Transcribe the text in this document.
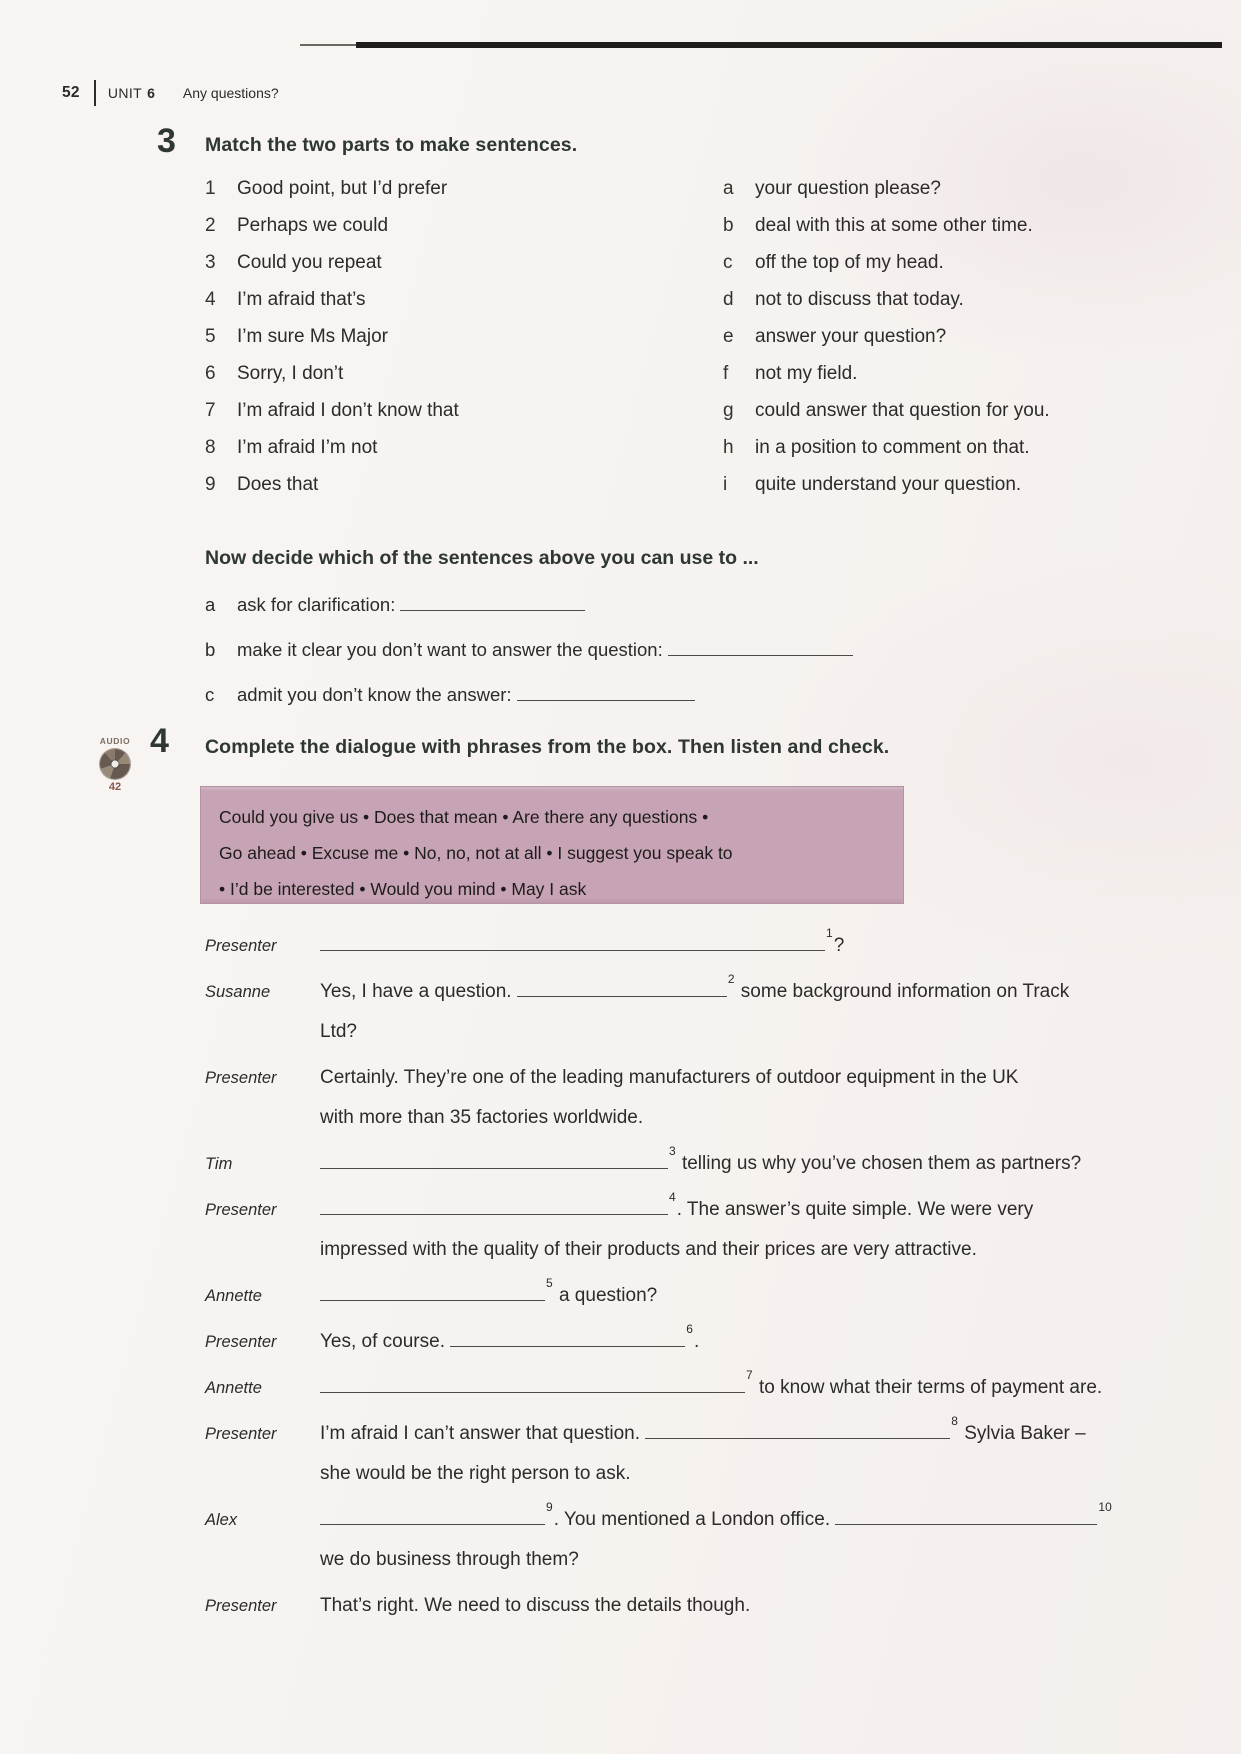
52 UNIT 6 Any questions?
3 Match the two parts to make sentences.
1	Good point, but I’d prefer	a	your question please?
2	Perhaps we could	b	deal with this at some other time.
3	Could you repeat	c	off the top of my head.
4	I’m afraid that’s	d	not to discuss that today.
5	I’m sure Ms Major	e	answer your question?
6	Sorry, I don’t	f	not my field.
7	I’m afraid I don’t know that	g	could answer that question for you.
8	I’m afraid I’m not	h	in a position to comment on that.
9	Does that	i	quite understand your question.
Now decide which of the sentences above you can use to ...
a ask for clarification:
b make it clear you don’t want to answer the question:
c admit you don’t know the answer:
AUDIO
42
4 Complete the dialogue with phrases from the box. Then listen and check.
Could you give us • Does that mean • Are there any questions •
Go ahead • Excuse me • No, no, not at all • I suggest you speak to
• I’d be interested • Would you mind • May I ask
Presenter
$^1$?
Susanne	Yes, I have a question. $^2$ some background information on Track
Ltd?
Presenter	Certainly. They’re one of the leading manufacturers of outdoor equipment in the UK
with more than 35 factories worldwide.
Tim
$^3$ telling us why you’ve chosen them as partners?
Presenter
$^4$. The answer’s quite simple. We were very
impressed with the quality of their products and their prices are very attractive.
Annette
$^5$ a question?
Presenter	Yes, of course. $^6$.
Annette
$^7$ to know what their terms of payment are.
Presenter	I’m afraid I can’t answer that question. $^8$ Sylvia Baker –
she would be the right person to ask.
Alex
$^9$. You mentioned a London office. $^{10}$
we do business through them?
Presenter	That’s right. We need to discuss the details though.
